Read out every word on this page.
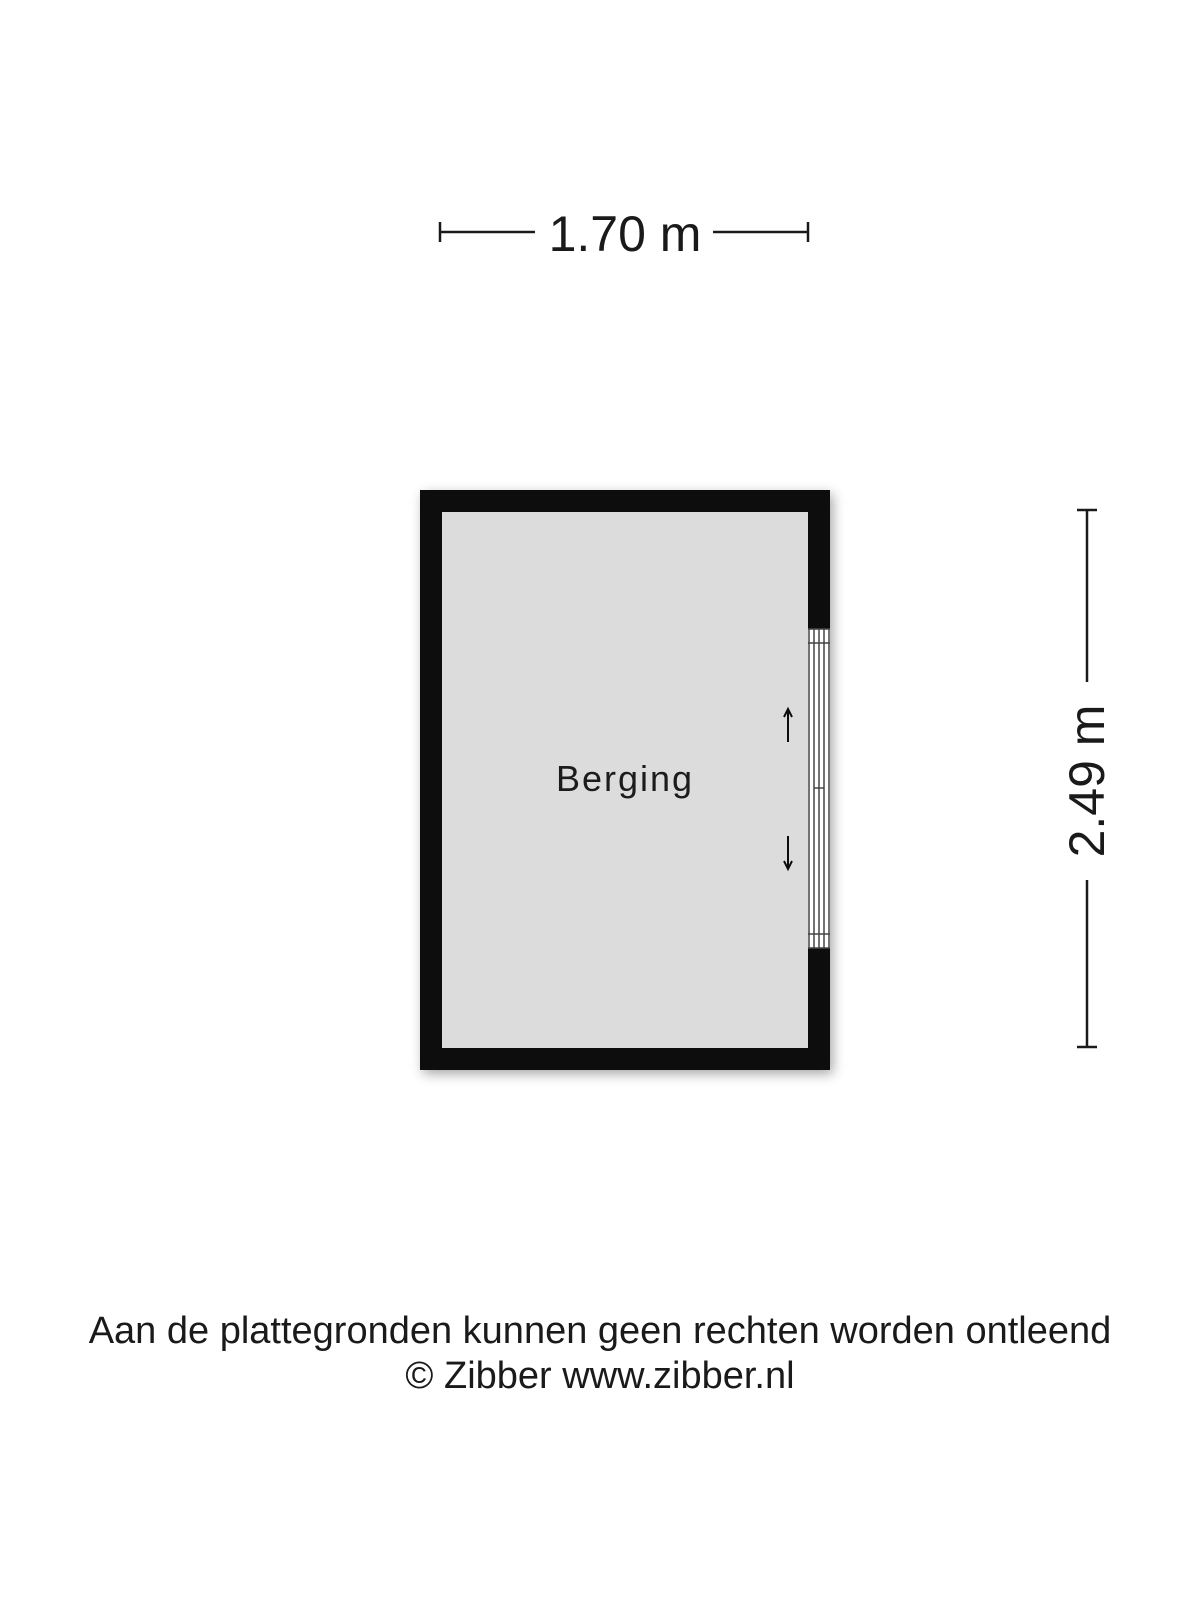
1.70 m
2.49 m
Berging
Aan de plattegronden kunnen geen rechten worden ontleend
© Zibber www.zibber.nl
